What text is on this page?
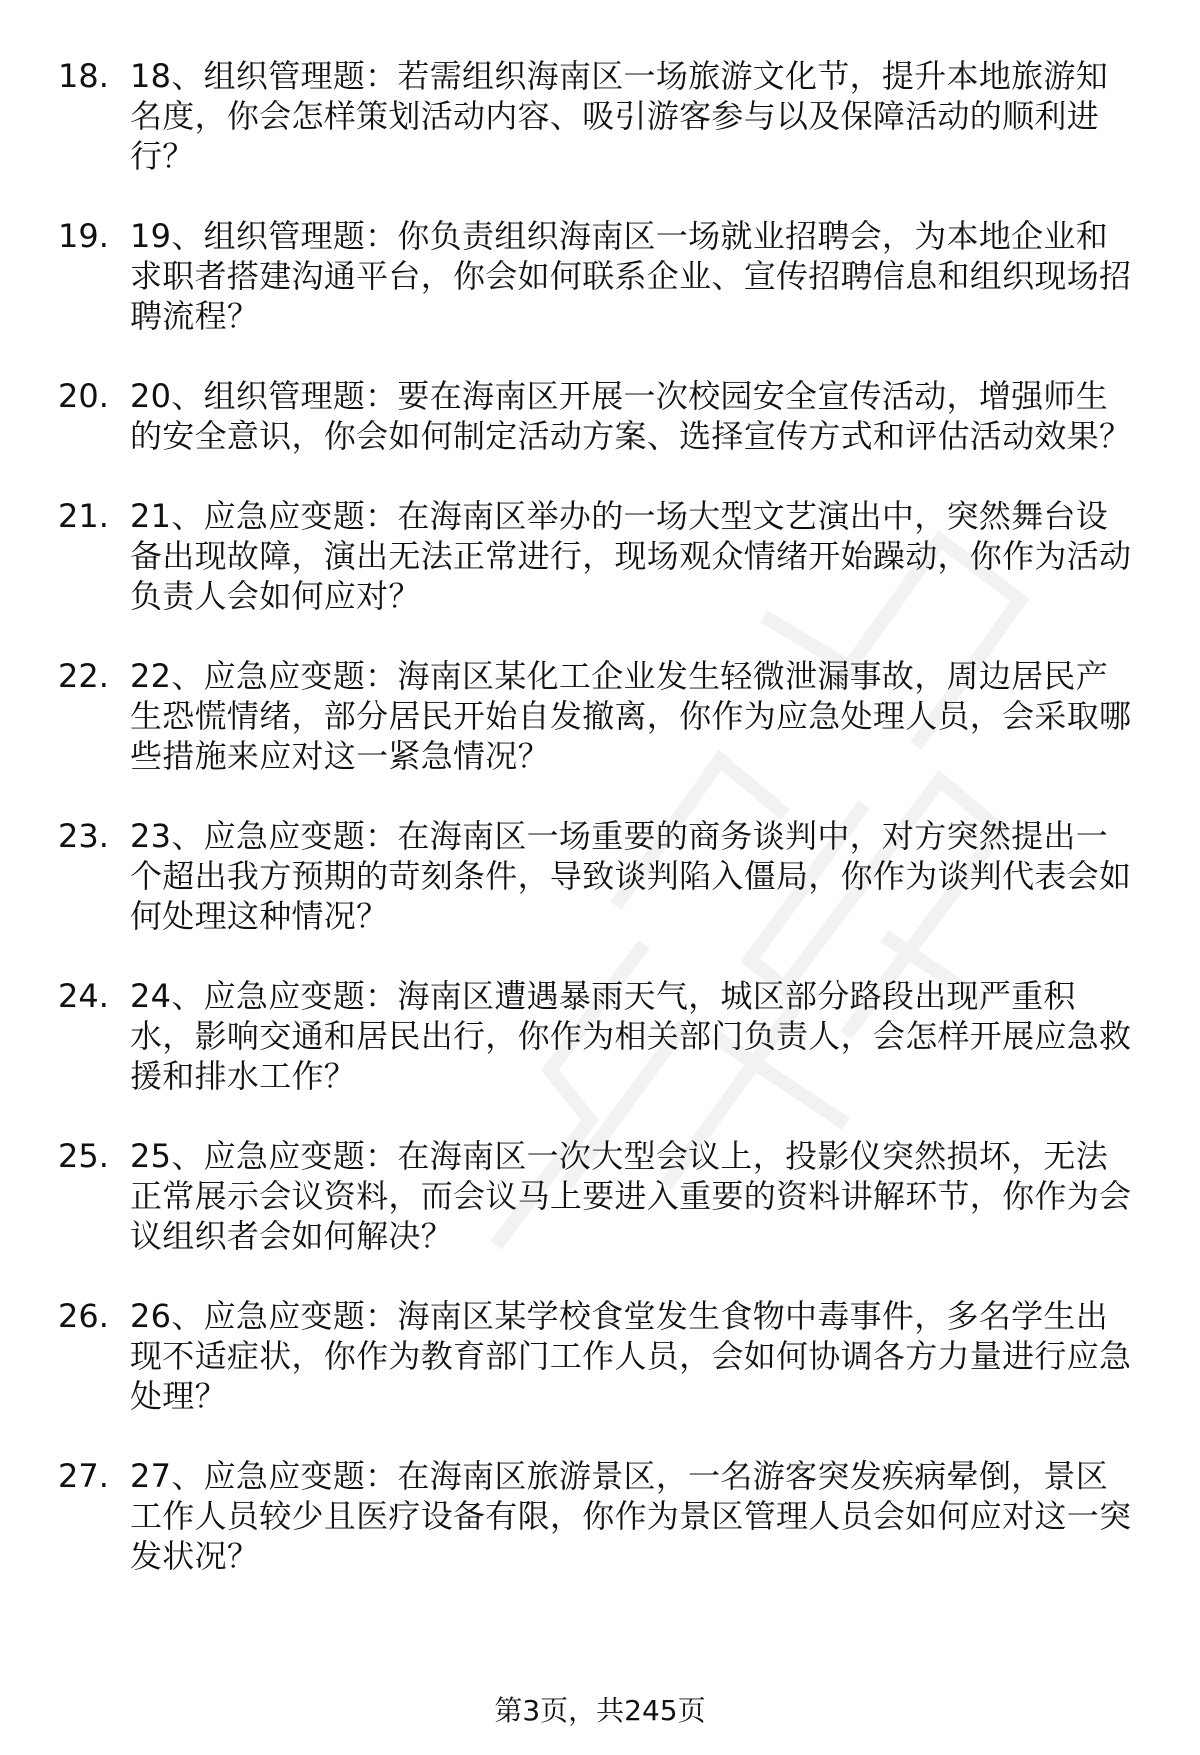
18. 18、组织管理题：若需组织海南区一场旅游文化节，提升本地旅游知名度，你会怎样策划活动内容、吸引游客参与以及保障活动的顺利进行？
19. 19、组织管理题：你负责组织海南区一场就业招聘会，为本地企业和求职者搭建沟通平台，你会如何联系企业、宣传招聘信息和组织现场招聘流程？
20. 20、组织管理题：要在海南区开展一次校园安全宣传活动，增强师生的安全意识，你会如何制定活动方案、选择宣传方式和评估活动效果？
21. 21、应急应变题：在海南区举办的一场大型文艺演出中，突然舞台设备出现故障，演出无法正常进行，现场观众情绪开始躁动，你作为活动负责人会如何应对？
22. 22、应急应变题：海南区某化工企业发生轻微泄漏事故，周边居民产生恐慌情绪，部分居民开始自发撤离，你作为应急处理人员，会采取哪些措施来应对这一紧急情况？
23. 23、应急应变题：在海南区一场重要的商务谈判中，对方突然提出一个超出我方预期的苛刻条件，导致谈判陷入僵局，你作为谈判代表会如何处理这种情况？
24. 24、应急应变题：海南区遭遇暴雨天气，城区部分路段出现严重积水，影响交通和居民出行，你作为相关部门负责人，会怎样开展应急救援和排水工作？
25. 25、应急应变题：在海南区一次大型会议上，投影仪突然损坏，无法正常展示会议资料，而会议马上要进入重要的资料讲解环节，你作为会议组织者会如何解决？
26. 26、应急应变题：海南区某学校食堂发生食物中毒事件，多名学生出现不适症状，你作为教育部门工作人员，会如何协调各方力量进行应急处理？
27. 27、应急应变题：在海南区旅游景区，一名游客突发疾病晕倒，景区工作人员较少且医疗设备有限，你作为景区管理人员会如何应对这一突发状况？
第3页，共245页
